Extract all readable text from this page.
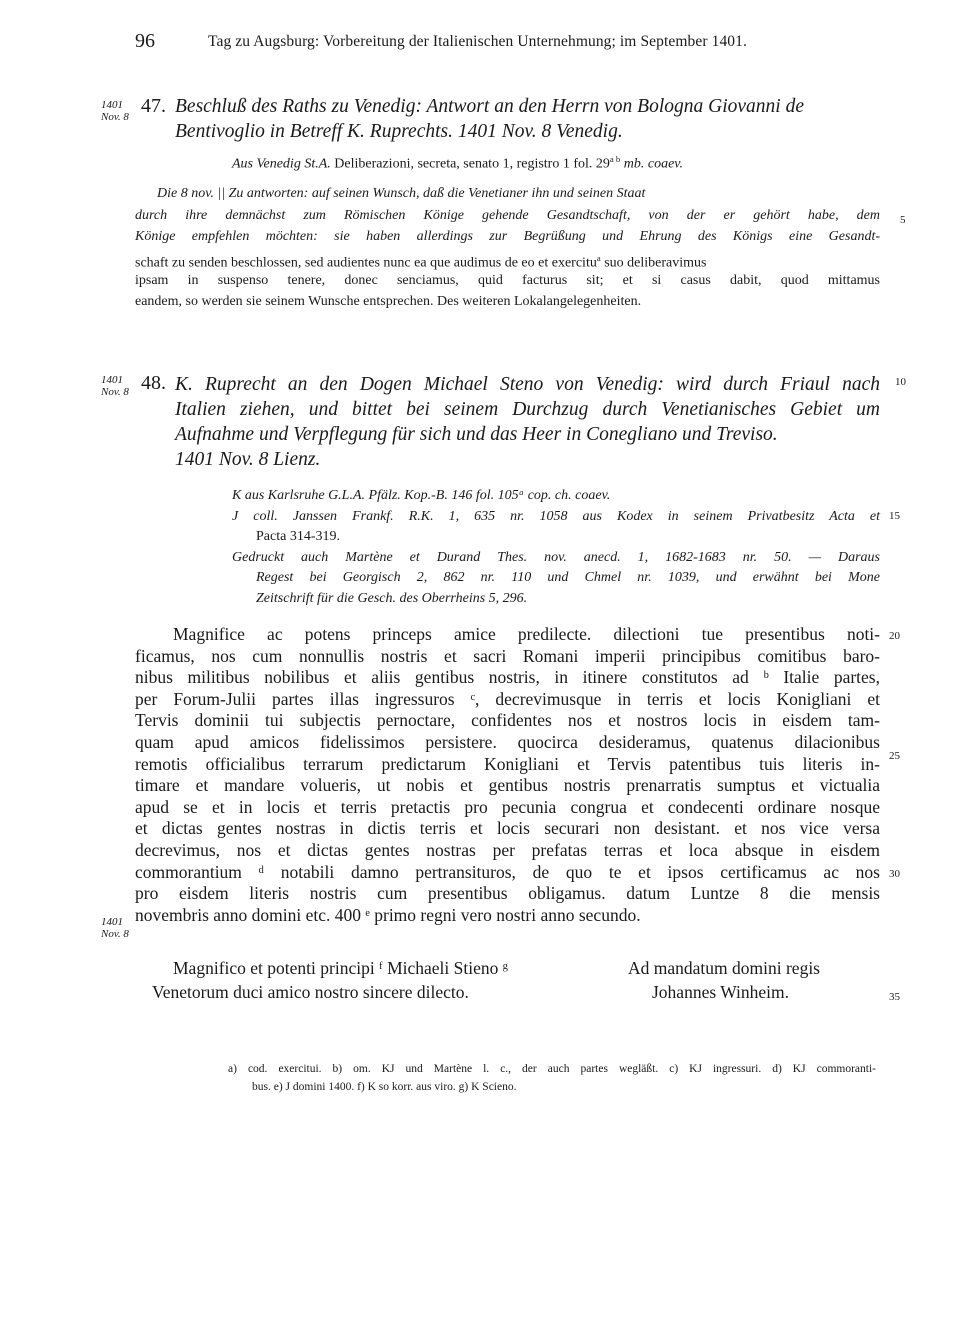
96	Tag zu Augsburg: Vorbereitung der Italienischen Unternehmung; im September 1401.
1401
Nov. 8 47. Beschluß des Raths zu Venedig: Antwort an den Herrn von Bologna Giovanni de
Bentivoglio in Betreff K. Ruprechts. 1401 Nov. 8 Venedig.
Aus Venedig St.A. Deliberazioni, secreta, senato 1, registro 1 fol. $29^{a b}$ mb. coaev.
Die 8 nov. || Zu antworten: auf seinen Wunsch, daß die Venetianer ihn und seinen Staat
durch ihre demnächst zum Römischen Könige gehende Gesandtschaft, von der er gehört habe, dem
Könige empfehlen möchten: sie haben allerdings zur Begrüßung und Ehrung des Königs eine Gesandt-
schaft zu senden beschlossen, sed audientes nunc ea que audimus de eo et exercitu$^a$ suo deliberavimus
ipsam in suspenso tenere, donec senciamus, quid facturus sit; et si casus dabit, quod mittamus
eandem, so werden sie seinem Wunsche entsprechen. Des weiteren Lokalangelegenheiten.
1401
Nov. 8 48. K. Ruprecht an den Dogen Michael Steno von Venedig: wird durch Friaul nach
Italien ziehen, und bittet bei seinem Durchzug durch Venetianisches Gebiet um
Aufnahme und Verpflegung für sich und das Heer in Conegliano und Treviso.
1401 Nov. 8 Lienz.
K aus Karlsruhe G.L.A. Pfälz. Kop.-B. 146 fol. 105ᵃ cop. ch. coaev.
J coll. Janssen Frankf. R.K. 1, 635 nr. 1058 aus Kodex in seinem Privatbesitz Acta et
Pacta 314-319.
Gedruckt auch Martène et Durand Thes. nov. anecd. 1, 1682-1683 nr. 50. — Daraus
Regest bei Georgisch 2, 862 nr. 110 und Chmel nr. 1039, und erwähnt bei Mone
Zeitschrift für die Gesch. des Oberrheins 5, 296.
Magnifice ac potens princeps amice predilecte. dilectioni tue presentibus noti-
ficamus, nos cum nonnullis nostris et sacri Romani imperii principibus comitibus baro-
nibus militibus nobilibus et aliis gentibus nostris, in itinere constitutos ad ᵇ Italie partes,
per Forum-Julii partes illas ingressuros ᶜ, decrevimusque in terris et locis Konigliani et
Tervis dominii tui subjectis pernoctare, confidentes nos et nostros locis in eisdem tam-
quam apud amicos fidelissimos persistere. quocirca desideramus, quatenus dilacionibus
remotis officialibus terrarum predictarum Konigliani et Tervis patentibus tuis literis in-
timare et mandare volueris, ut nobis et gentibus nostris prenarratis sumptus et victualia
apud se et in locis et terris pretactis pro pecunia congrua et condecenti ordinare nosque
et dictas gentes nostras in dictis terris et locis securari non desistant. et nos vice versa
decrevimus, nos et dictas gentes nostras per prefatas terras et loca absque in eisdem
commorantium ᵈ notabili damno pertransituros, de quo te et ipsos certificamus ac nos
pro eisdem literis nostris cum presentibus obligamus. datum Luntze 8 die mensis
novembris anno domini etc. 400 ᵉ primo regni vero nostri anno secundo.
1401
Nov. 8
Magnifico et potenti principi ᶠ Michaeli Stieno ᵍ
Venetorum duci amico nostro sincere dilecto.
Ad mandatum domini regis
Johannes Winheim.
5
10
15
20
25
30
35
a) cod. exercitui. b) om. KJ und Martène l. c., der auch partes wegläßt. c) KJ ingressuri. d) KJ commoranti-
bus. e) J domini 1400. f) K so korr. aus viro. g) K Scieno.
